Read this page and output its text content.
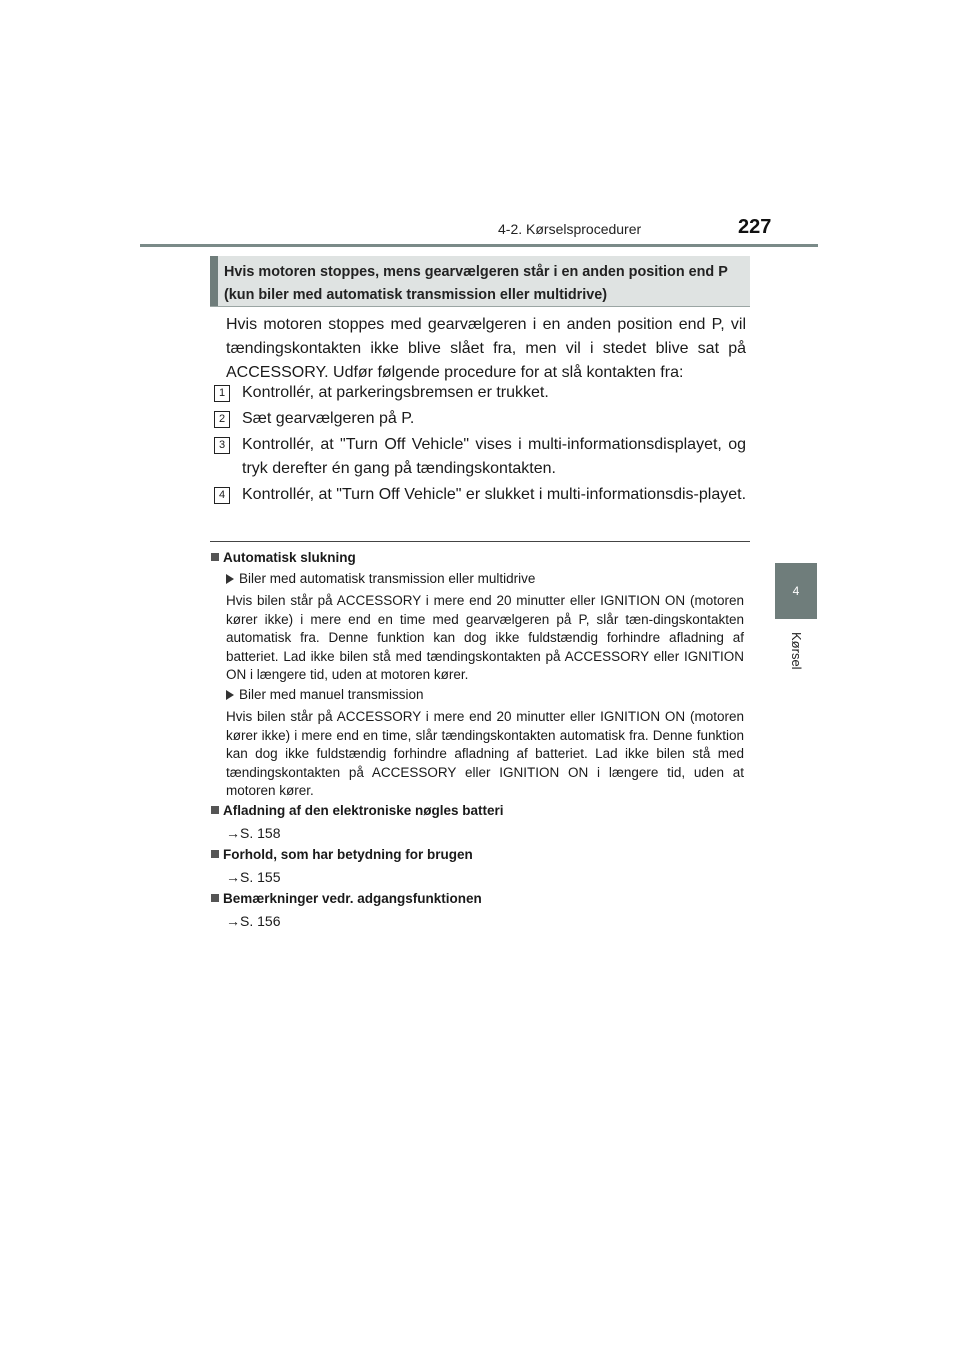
4-2. Kørselsprocedurer	227
4
Kørsel
Hvis motoren stoppes, mens gearvælgeren står i en anden position end P (kun biler med automatisk transmission eller multidrive)
Hvis motoren stoppes med gearvælgeren i en anden position end P, vil tændingskontakten ikke blive slået fra, men vil i stedet blive sat på ACCESSORY. Udfør følgende procedure for at slå kontakten fra:
1	Kontrollér, at parkeringsbremsen er trukket.
2	Sæt gearvælgeren på P.
3	Kontrollér, at "Turn Off Vehicle" vises i multi-informationsdisplayet, og tryk derefter én gang på tændingskontakten.
4	Kontrollér, at "Turn Off Vehicle" er slukket i multi-informationsdis-playet.
Automatisk slukning
Biler med automatisk transmission eller multidrive
Hvis bilen står på ACCESSORY i mere end 20 minutter eller IGNITION ON (motoren kører ikke) i mere end en time med gearvælgeren på P, slår tæn-dingskontakten automatisk fra. Denne funktion kan dog ikke fuldstændig forhindre afladning af batteriet. Lad ikke bilen stå med tændingskontakten på ACCESSORY eller IGNITION ON i længere tid, uden at motoren kører.
Biler med manuel transmission
Hvis bilen står på ACCESSORY i mere end 20 minutter eller IGNITION ON (motoren kører ikke) i mere end en time, slår tændingskontakten automatisk fra. Denne funktion kan dog ikke fuldstændig forhindre afladning af batteriet. Lad ikke bilen stå med tændingskontakten på ACCESSORY eller IGNITION ON i længere tid, uden at motoren kører.
Afladning af den elektroniske nøgles batteri
→S. 158
Forhold, som har betydning for brugen
→S. 155
Bemærkninger vedr. adgangsfunktionen
→S. 156
